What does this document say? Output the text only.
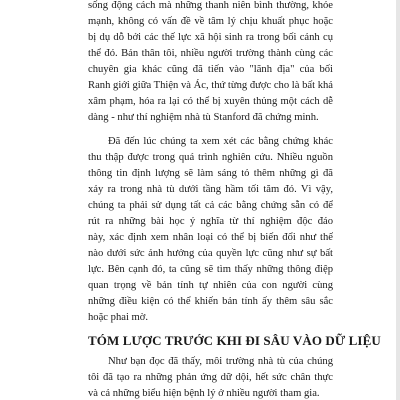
sống động cách mà những thanh niên bình thường, khỏe
mạnh, không có vấn đề về tâm lý chịu khuất phục hoặc
bị dụ dỗ bởi các thế lực xã hội sinh ra trong bối cảnh cụ
thể đó. Bản thân tôi, nhiều người trường thành cùng các
chuyên gia khác cũng đã tiến vào "lãnh địa" của bối
Ranh giới giữa Thiện và Ác, thứ từng được cho là bất khả
xâm phạm, hóa ra lại có thể bị xuyên thủng một cách dễ
dàng - như thí nghiệm nhà tù Stanford đã chứng minh.
Đã đến lúc chúng ta xem xét các bằng chứng khác
thu thập được trong quá trình nghiên cứu. Nhiều nguồn
thông tin định lượng sẽ làm sáng tỏ thêm những gì đã
xảy ra trong nhà tù dưới tầng hầm tối tăm đó. Vì vậy,
chúng ta phải sử dụng tất cả các bằng chứng sẵn có để
rút ra những bài học ý nghĩa từ thí nghiệm độc đáo
này, xác định xem nhân loại có thể bị biến đổi như thế
nào dưới sức ảnh hưởng của quyền lực cũng như sự bất
lực. Bên cạnh đó, ta cũng sẽ tìm thấy những thông điệp
quan trọng về bản tính tự nhiên của con người cùng
những điều kiện có thể khiến bản tính ấy thêm sâu sắc
hoặc phai mờ.
TÓM LƯỢC TRƯỚC KHI ĐI SÂU VÀO DỮ LIỆU
Như bạn đọc đã thấy, môi trường nhà tù của chúng
tôi đã tạo ra những phản ứng dữ dội, hết sức chân thực
và cả những biểu hiện bệnh lý ở nhiều người tham gia.
